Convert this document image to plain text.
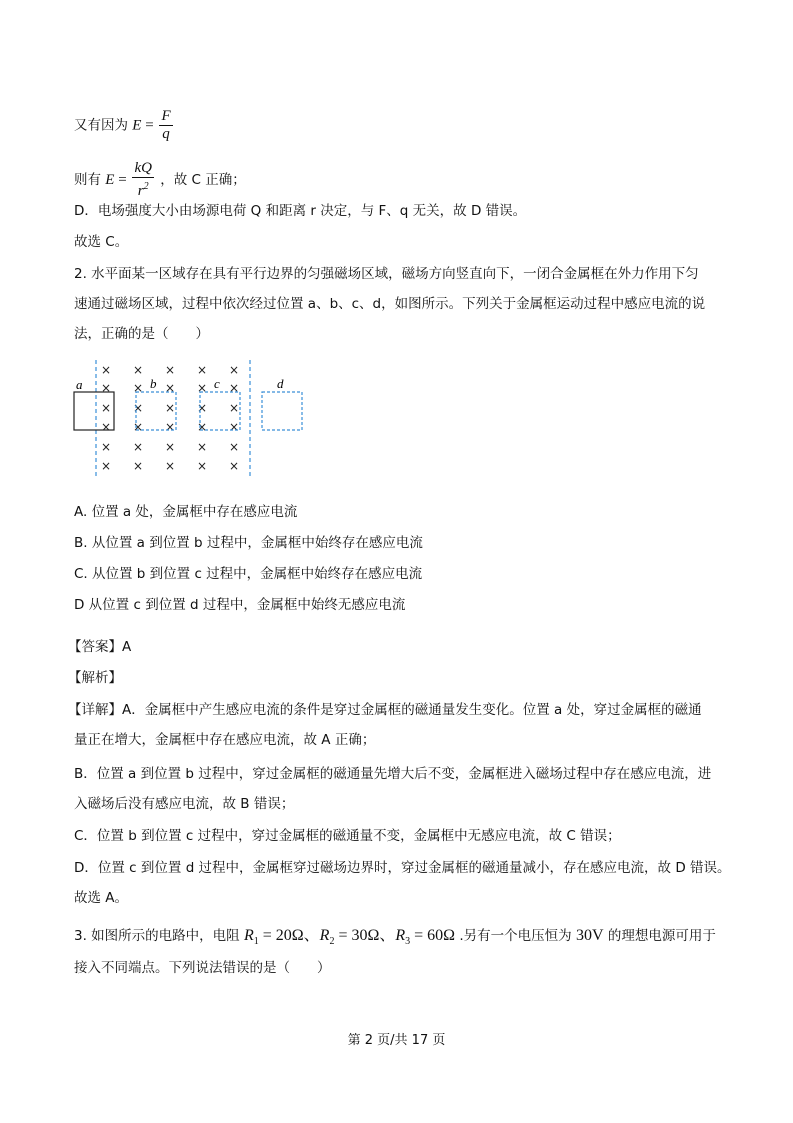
又有因为 $E = \frac{F}{q}$
则有 $E = \frac{kQ}{r^2}$ ，故 C 正确；
D．电场强度大小由场源电荷 Q 和距离 r 决定，与 F、q 无关，故 D 错误。
故选 C。
2. 水平面某一区域存在具有平行边界的匀强磁场区域，磁场方向竖直向下，一闭合金属框在外力作用下匀
速通过磁场区域，过程中依次经过位置 a、b、c、d，如图所示。下列关于金属框运动过程中感应电流的说
法，正确的是（　　）
× × × × ×
× × × × ×
× × × × ×
× × × × ×
× × × × ×
× × × × ×
a	b	c	d
A. 位置 a 处，金属框中存在感应电流
B. 从位置 a 到位置 b 过程中，金属框中始终存在感应电流
C. 从位置 b 到位置 c 过程中，金属框中始终存在感应电流
D 从位置 c 到位置 d 过程中，金属框中始终无感应电流
【答案】A
【解析】
【详解】A．金属框中产生感应电流的条件是穿过金属框的磁通量发生变化。位置 a 处，穿过金属框的磁通
量正在增大，金属框中存在感应电流，故 A 正确；
B．位置 a 到位置 b 过程中，穿过金属框的磁通量先增大后不变，金属框进入磁场过程中存在感应电流，进
入磁场后没有感应电流，故 B 错误；
C．位置 b 到位置 c 过程中，穿过金属框的磁通量不变，金属框中无感应电流，故 C 错误；
D．位置 c 到位置 d 过程中，金属框穿过磁场边界时，穿过金属框的磁通量减小，存在感应电流，故 D 错误。
故选 A。
3. 如图所示的电路中，电阻 $R_1 = 20\Omega$、$R_2 = 30\Omega$、$R_3 = 60\Omega$ .另有一个电压恒为 30V 的理想电源可用于
接入不同端点。下列说法错误的是（　　）
第 2 页/共 17 页
